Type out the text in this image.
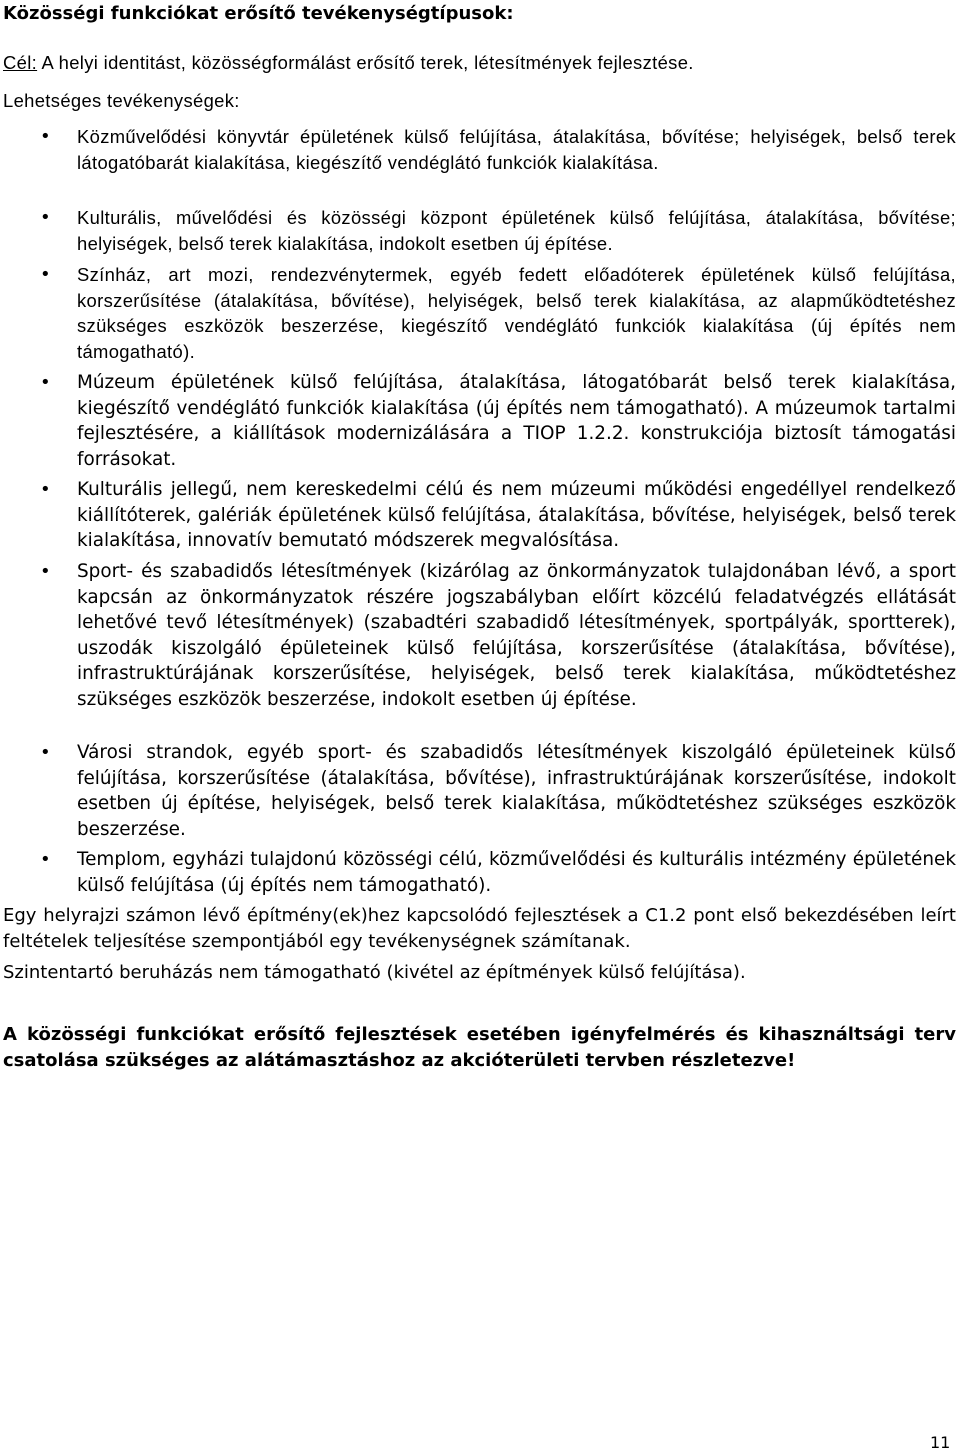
Közösségi funkciókat erősítő tevékenységtípusok:
Cél: A helyi identitást, közösségformálást erősítő terek, létesítmények fejlesztése.
Lehetséges tevékenységek:
• Közművelődési könyvtár épületének külső felújítása, átalakítása, bővítése; helyiségek, belső terek látogatóbarát kialakítása, kiegészítő vendéglátó funkciók kialakítása.
• Kulturális, művelődési és közösségi központ épületének külső felújítása, átalakítása, bővítése; helyiségek, belső terek kialakítása, indokolt esetben új építése.
• Színház, art mozi, rendezvénytermek, egyéb fedett előadóterek épületének külső felújítása, korszerűsítése (átalakítása, bővítése), helyiségek, belső terek kialakítása, az alapműködtetéshez szükséges eszközök beszerzése, kiegészítő vendéglátó funkciók kialakítása (új építés nem támogatható).
• Múzeum épületének külső felújítása, átalakítása, látogatóbarát belső terek kialakítása, kiegészítő vendéglátó funkciók kialakítása (új építés nem támogatható). A múzeumok tartalmi fejlesztésére, a kiállítások modernizálására a TIOP 1.2.2. konstrukciója biztosít támogatási forrásokat.
• Kulturális jellegű, nem kereskedelmi célú és nem múzeumi működési engedéllyel rendelkező kiállítóterek, galériák épületének külső felújítása, átalakítása, bővítése, helyiségek, belső terek kialakítása, innovatív bemutató módszerek megvalósítása.
• Sport- és szabadidős létesítmények (kizárólag az önkormányzatok tulajdonában lévő, a sport kapcsán az önkormányzatok részére jogszabályban előírt közcélú feladatvégzés ellátását lehetővé tevő létesítmények) (szabadtéri szabadidő létesítmények, sportpályák, sportterek), uszodák kiszolgáló épületeinek külső felújítása, korszerűsítése (átalakítása, bővítése), infrastruktúrájának korszerűsítése, helyiségek, belső terek kialakítása, működtetéshez szükséges eszközök beszerzése, indokolt esetben új építése.
• Városi strandok, egyéb sport- és szabadidős létesítmények kiszolgáló épületeinek külső felújítása, korszerűsítése (átalakítása, bővítése), infrastruktúrájának korszerűsítése, indokolt esetben új építése, helyiségek, belső terek kialakítása, működtetéshez szükséges eszközök beszerzése.
• Templom, egyházi tulajdonú közösségi célú, közművelődési és kulturális intézmény épületének külső felújítása (új építés nem támogatható).
Egy helyrajzi számon lévő építmény(ek)hez kapcsolódó fejlesztések a C1.2 pont első bekezdésében leírt feltételek teljesítése szempontjából egy tevékenységnek számítanak.
Szintentartó beruházás nem támogatható (kivétel az építmények külső felújítása).
A közösségi funkciókat erősítő fejlesztések esetében igényfelmérés és kihasználtsági terv csatolása szükséges az alátámasztáshoz az akcióterületi tervben részletezve!
11
